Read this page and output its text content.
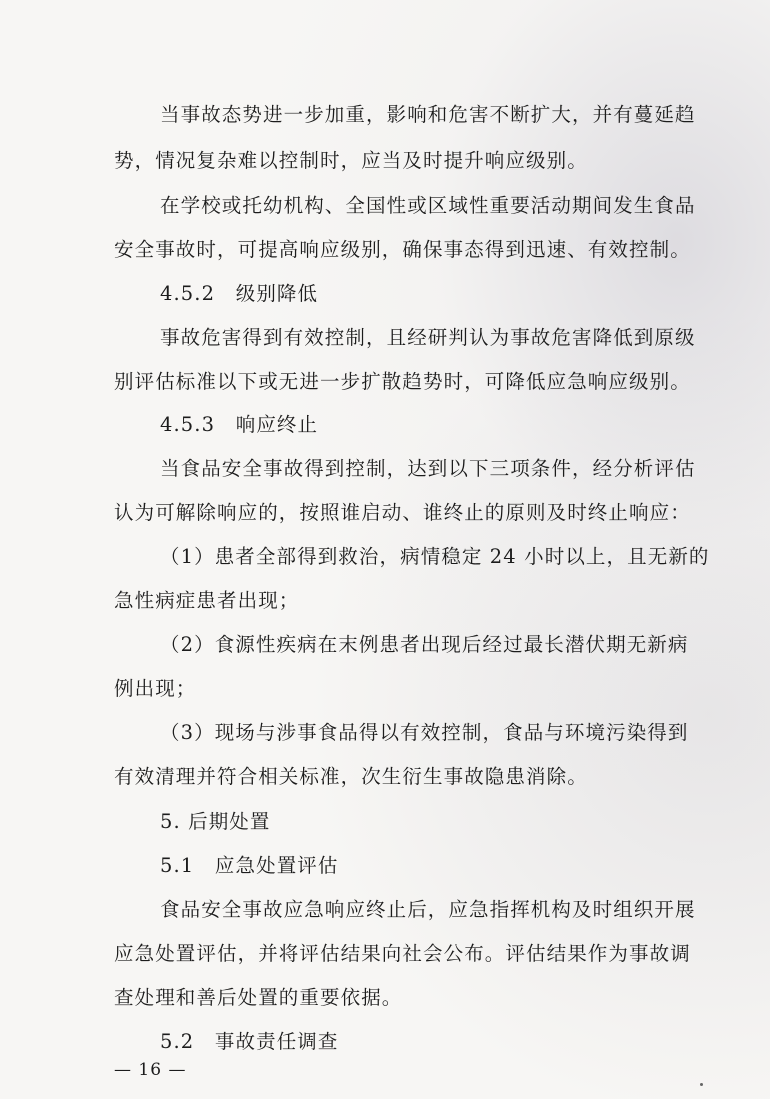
当事故态势进一步加重，影响和危害不断扩大，并有蔓延趋
势，情况复杂难以控制时，应当及时提升响应级别。
在学校或托幼机构、全国性或区域性重要活动期间发生食品
安全事故时，可提高响应级别，确保事态得到迅速、有效控制。
4.5.2　级别降低
事故危害得到有效控制，且经研判认为事故危害降低到原级
别评估标准以下或无进一步扩散趋势时，可降低应急响应级别。
4.5.3　响应终止
当食品安全事故得到控制，达到以下三项条件，经分析评估
认为可解除响应的，按照谁启动、谁终止的原则及时终止响应：
（1）患者全部得到救治，病情稳定 24 小时以上，且无新的
急性病症患者出现；
（2）食源性疾病在末例患者出现后经过最长潜伏期无新病
例出现；
（3）现场与涉事食品得以有效控制，食品与环境污染得到
有效清理并符合相关标准，次生衍生事故隐患消除。
5. 后期处置
5.1　应急处置评估
食品安全事故应急响应终止后，应急指挥机构及时组织开展
应急处置评估，并将评估结果向社会公布。评估结果作为事故调
查处理和善后处置的重要依据。
5.2　事故责任调查
— 16 —
